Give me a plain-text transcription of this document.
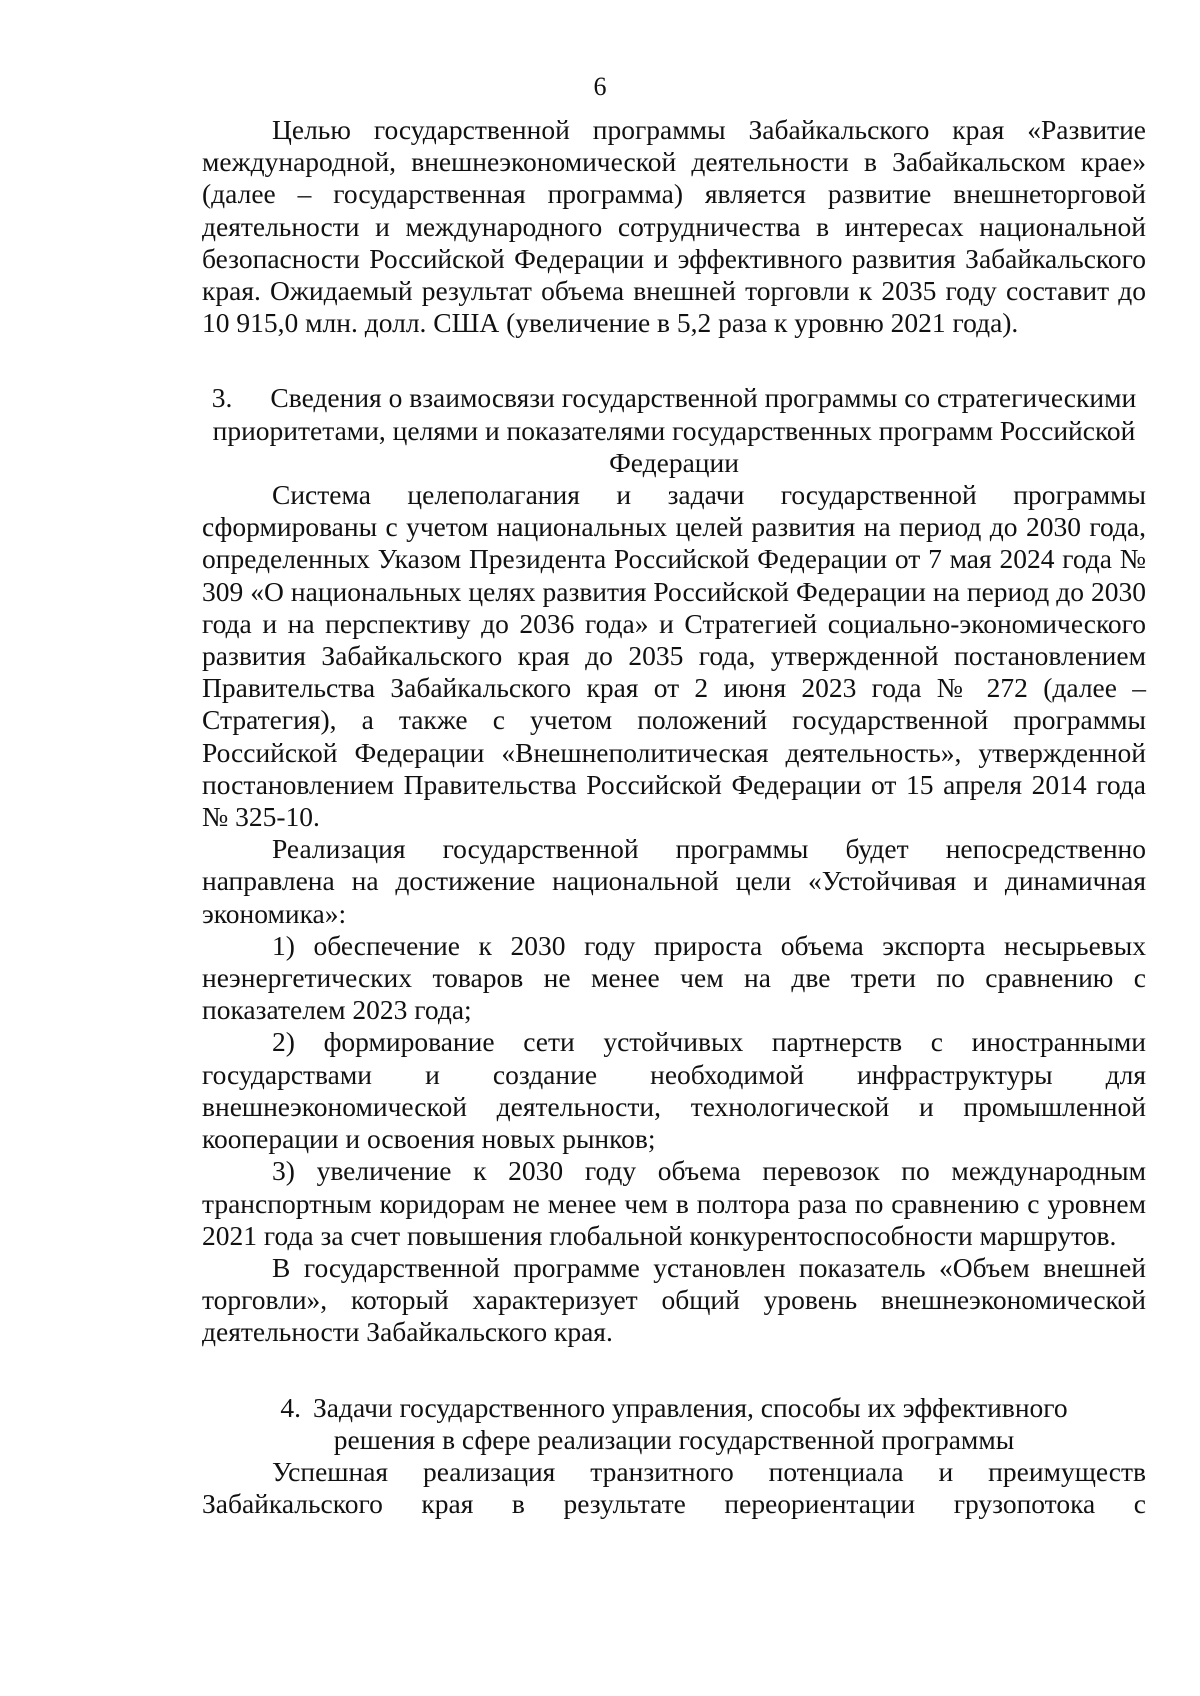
6

Целью государственной программы Забайкальского края «Развитие международной, внешнеэкономической деятельности в Забайкальском крае» (далее – государственная программа) является развитие внешнеторговой деятельности и международного сотрудничества в интересах национальной безопасности Российской Федерации и эффективного развития Забайкальского края. Ожидаемый результат объема внешней торговли к 2035 году составит до 10 915,0 млн. долл. США (увеличение в 5,2 раза к уровню 2021 года).

3. Сведения о взаимосвязи государственной программы со стратегическими приоритетами, целями и показателями государственных программ Российской Федерации

Система целеполагания и задачи государственной программы сформированы с учетом национальных целей развития на период до 2030 года, определенных Указом Президента Российской Федерации от 7 мая 2024 года № 309 «О национальных целях развития Российской Федерации на период до 2030 года и на перспективу до 2036 года» и Стратегией социально-экономического развития Забайкальского края до 2035 года, утвержденной постановлением Правительства Забайкальского края от 2 июня 2023 года № 272 (далее – Стратегия), а также с учетом положений государственной программы Российской Федерации «Внешнеполитическая деятельность», утвержденной постановлением Правительства Российской Федерации от 15 апреля 2014 года № 325-10.

Реализация государственной программы будет непосредственно направлена на достижение национальной цели «Устойчивая и динамичная экономика»:

1) обеспечение к 2030 году прироста объема экспорта несырьевых неэнергетических товаров не менее чем на две трети по сравнению с показателем 2023 года;

2) формирование сети устойчивых партнерств с иностранными государствами и создание необходимой инфраструктуры для внешнеэкономической деятельности, технологической и промышленной кооперации и освоения новых рынков;

3) увеличение к 2030 году объема перевозок по международным транспортным коридорам не менее чем в полтора раза по сравнению с уровнем 2021 года за счет повышения глобальной конкурентоспособности маршрутов.

В государственной программе установлен показатель «Объем внешней торговли», который характеризует общий уровень внешнеэкономической деятельности Забайкальского края.

4. Задачи государственного управления, способы их эффективного решения в сфере реализации государственной программы

Успешная реализация транзитного потенциала и преимуществ Забайкальского края в результате переориентации грузопотока с
